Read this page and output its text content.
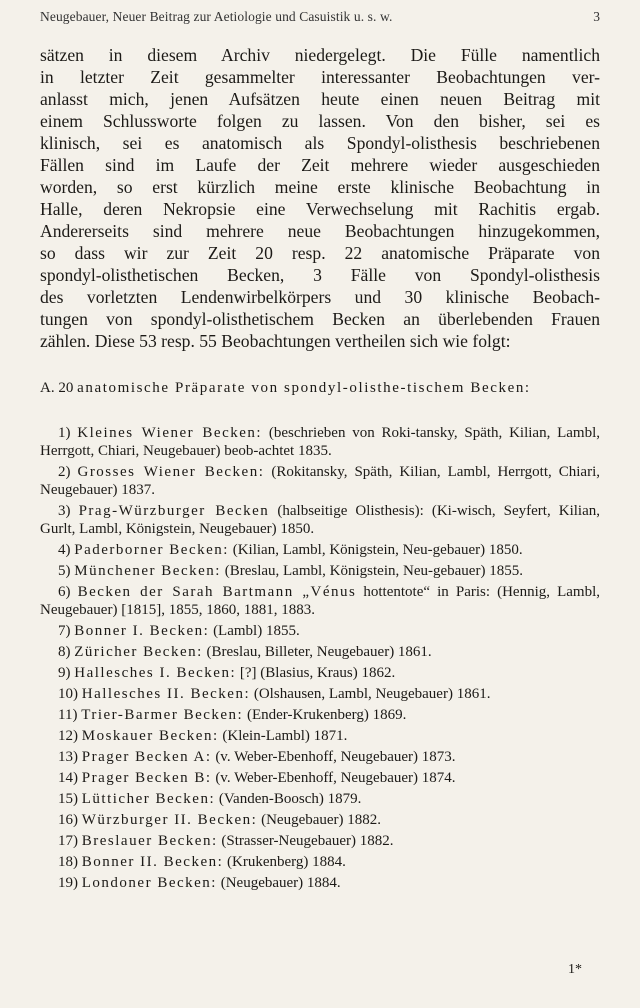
Neugebauer, Neuer Beitrag zur Aetiologie und Casuistik u. s. w.	3

sätzen in diesem Archiv niedergelegt. Die Fülle namentlich
in letzter Zeit gesammelter interessanter Beobachtungen ver-
anlasst mich, jenen Aufsätzen heute einen neuen Beitrag mit
einem Schlussworte folgen zu lassen. Von den bisher, sei es
klinisch, sei es anatomisch als Spondyl-olisthesis beschriebenen
Fällen sind im Laufe der Zeit mehrere wieder ausgeschieden
worden, so erst kürzlich meine erste klinische Beobachtung in
Halle, deren Nekropsie eine Verwechselung mit Rachitis ergab.
Andererseits sind mehrere neue Beobachtungen hinzugekommen,
so dass wir zur Zeit 20 resp. 22 anatomische Präparate von
spondyl-olisthetischen Becken, 3 Fälle von Spondyl-olisthesis
des vorletzten Lendenwirbelkörpers und 30 klinische Beobach-
tungen von spondyl-olisthetischem Becken an überlebenden Frauen
zählen. Diese 53 resp. 55 Beobachtungen vertheilen sich wie folgt:

A. 20 anatomische Präparate von spondyl-olisthe-tischem Becken:
1) Kleines Wiener Becken: (beschrieben von Roki-tansky, Späth, Kilian, Lambl, Herrgott, Chiari, Neugebauer) beob-achtet 1835.
2) Grosses Wiener Becken: (Rokitansky, Späth, Kilian, Lambl, Herrgott, Chiari, Neugebauer) 1837.
3) Prag-Würzburger Becken (halbseitige Olisthesis): (Ki-wisch, Seyfert, Kilian, Gurlt, Lambl, Königstein, Neugebauer) 1850.
4) Paderborner Becken: (Kilian, Lambl, Königstein, Neu-gebauer) 1850.
5) Münchener Becken: (Breslau, Lambl, Königstein, Neu-gebauer) 1855.
6) Becken der Sarah Bartmann „Vénus hottentote“ in Paris: (Hennig, Lambl, Neugebauer) [1815], 1855, 1860, 1881, 1883.
7) Bonner I. Becken: (Lambl) 1855.
8) Züricher Becken: (Breslau, Billeter, Neugebauer) 1861.
9) Hallesches I. Becken: [?] (Blasius, Kraus) 1862.
10) Hallesches II. Becken: (Olshausen, Lambl, Neugebauer) 1861.
11) Trier-Barmer Becken: (Ender-Krukenberg) 1869.
12) Moskauer Becken: (Klein-Lambl) 1871.
13) Prager Becken A: (v. Weber-Ebenhoff, Neugebauer) 1873.
14) Prager Becken B: (v. Weber-Ebenhoff, Neugebauer) 1874.
15) Lütticher Becken: (Vanden-Boosch) 1879.
16) Würzburger II. Becken: (Neugebauer) 1882.
17) Breslauer Becken: (Strasser-Neugebauer) 1882.
18) Bonner II. Becken: (Krukenberg) 1884.
19) Londoner Becken: (Neugebauer) 1884.
1*
